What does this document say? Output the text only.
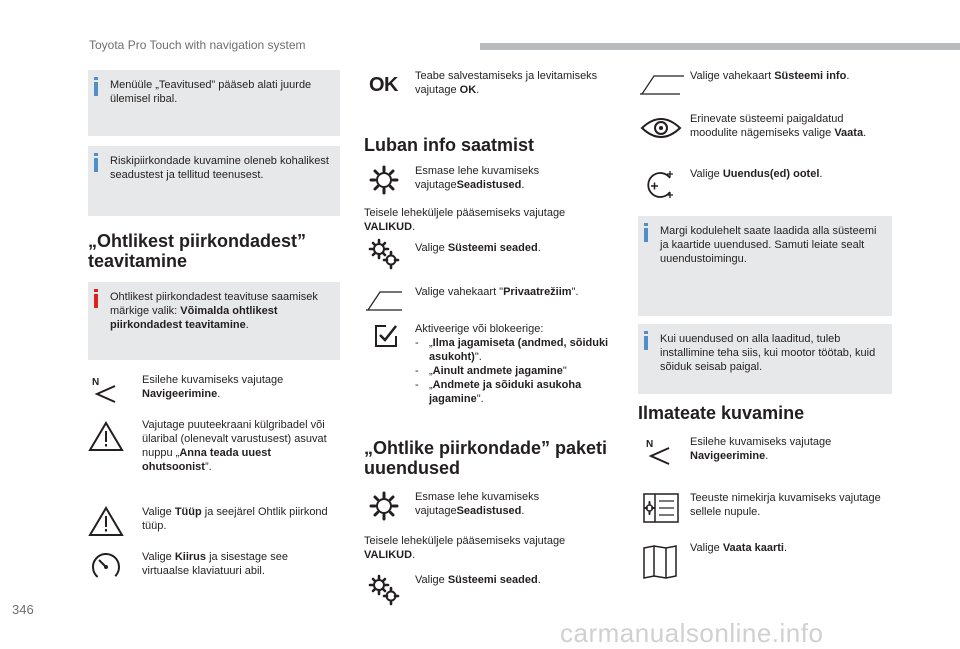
Toyota Pro Touch with navigation system
Menüüle „Teavitused” pääseb alati juurde ülemisel ribal.
Riskipiirkondade kuvamine oleneb kohalikest seadustest ja tellitud teenusest.
„Ohtlikest piirkondadest” teavitamine
Ohtlikest piirkondadest teavituse saamisek märkige valik: Võimalda ohtlikest piirkondadest teavitamine.
N	Esilehe kuvamiseks vajutage Navigeerimine.
Vajutage puuteekraani külgribadel või ülaribal (olenevalt varustusest) asuvat nuppu „Anna teada uuest ohutsoonist”.
Valige Tüüp ja seejärel Ohtlik piirkond tüüp.
Valige Kiirus ja sisestage see virtuaalse klaviatuuri abil.
OK Teabe salvestamiseks ja levitamiseks vajutage OK.
Luban info saatmist
Esmase lehe kuvamiseks vajutageSeadistused.
Teisele leheküljele pääsemiseks vajutage VALIKUD.
Valige Süsteemi seaded.
Valige vahekaart "Privaatrežiim".
Aktiveerige või blokeerige:
- „Ilma jagamiseta (andmed, sõiduki asukoht)".
- „Ainult andmete jagamine"
- „Andmete ja sõiduki asukoha jagamine".
„Ohtlike piirkondade” paketi uuendused
Esmase lehe kuvamiseks vajutageSeadistused.
Teisele leheküljele pääsemiseks vajutage VALIKUD.
Valige Süsteemi seaded.
Valige vahekaart Süsteemi info.
Erinevate süsteemi paigaldatud moodulite nägemiseks valige Vaata.
Valige Uuendus(ed) ootel.
Margi kodulehelt saate laadida alla süsteemi ja kaartide uuendused. Samuti leiate sealt uuendustoimingu.
Kui uuendused on alla laaditud, tuleb installimine teha siis, kui mootor töötab, kuid sõiduk seisab paigal.
Ilmateate kuvamine
N	Esilehe kuvamiseks vajutage Navigeerimine.
Teeuste nimekirja kuvamiseks vajutage sellele nupule.
Valige Vaata kaarti.
346
carmanualsonline.info
